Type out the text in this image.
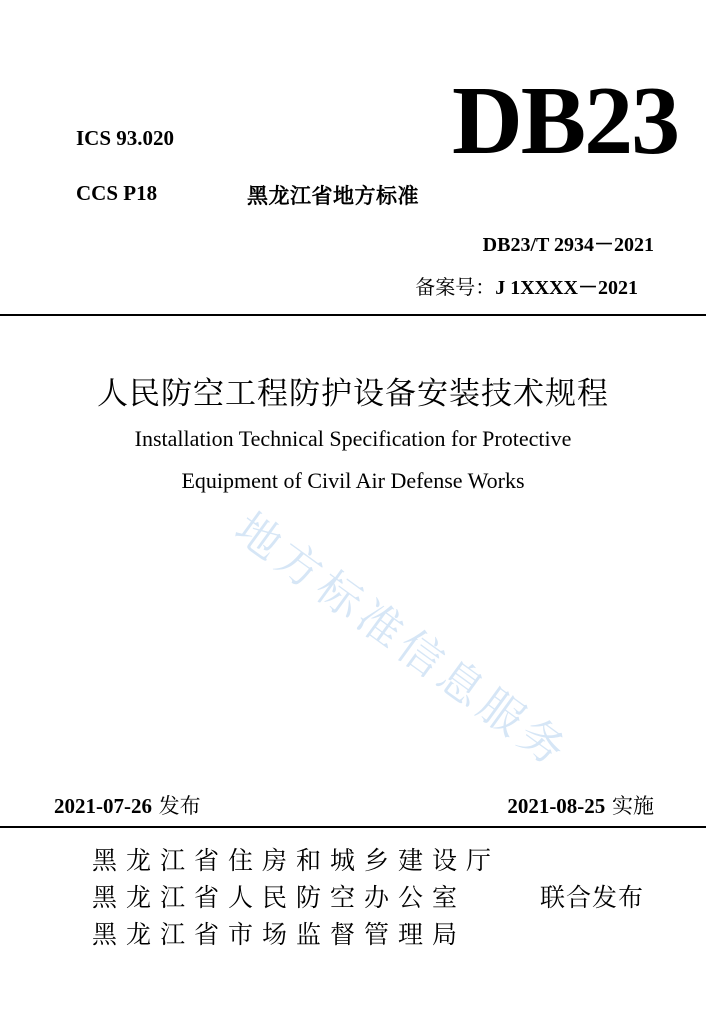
地方标准信息服务
ICS 93.020
CCS P18	黑龙江省地方标准
DB23
DB23/T 2934－2021
备案号：J 1XXXX－2021
人民防空工程防护设备安装技术规程
Installation Technical Specification for Protective
Equipment of Civil Air Defense Works
2021-07-26 发布	2021-08-25 实施
黑龙江省住房和城乡建设厅
黑龙江省人民防空办公室
黑龙江省市场监督管理局
联合发布
